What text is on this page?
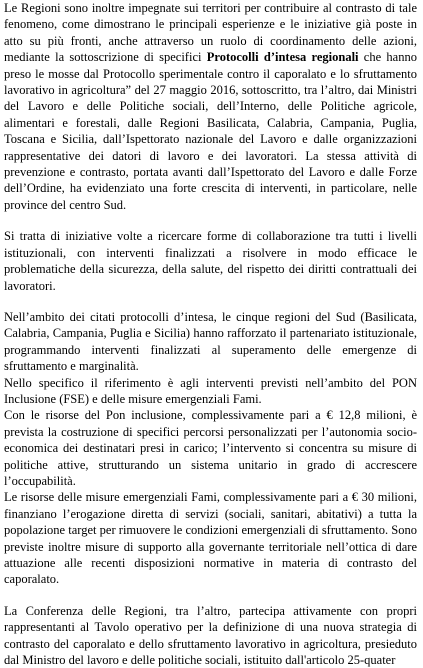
Le Regioni sono inoltre impegnate sui territori per contribuire al contrasto di tale fenomeno, come dimostrano le principali esperienze e le iniziative già poste in atto su più fronti, anche attraverso un ruolo di coordinamento delle azioni, mediante la sottoscrizione di specifici Protocolli d’intesa regionali che hanno preso le mosse dal Protocollo sperimentale contro il caporalato e lo sfruttamento lavorativo in agricoltura” del 27 maggio 2016, sottoscritto, tra l’altro, dai Ministri del Lavoro e delle Politiche sociali, dell’Interno, delle Politiche agricole, alimentari e forestali, dalle Regioni Basilicata, Calabria, Campania, Puglia, Toscana e Sicilia, dall’Ispettorato nazionale del Lavoro e dalle organizzazioni rappresentative dei datori di lavoro e dei lavoratori. La stessa attività di prevenzione e contrasto, portata avanti dall’Ispettorato del Lavoro e dalle Forze dell’Ordine, ha evidenziato una forte crescita di interventi, in particolare, nelle province del centro Sud.

Si tratta di iniziative volte a ricercare forme di collaborazione tra tutti i livelli istituzionali, con interventi finalizzati a risolvere in modo efficace le problematiche della sicurezza, della salute, del rispetto dei diritti contrattuali dei lavoratori.

Nell’ambito dei citati protocolli d’intesa, le cinque regioni del Sud (Basilicata, Calabria, Campania, Puglia e Sicilia) hanno rafforzato il partenariato istituzionale, programmando interventi finalizzati al superamento delle emergenze di sfruttamento e marginalità.

Nello specifico il riferimento è agli interventi previsti nell’ambito del PON Inclusione (FSE) e delle misure emergenziali Fami.

Con le risorse del Pon inclusione, complessivamente pari a € 12,8 milioni, è prevista la costruzione di specifici percorsi personalizzati per l’autonomia socio-economica dei destinatari presi in carico; l’intervento si concentra su misure di politiche attive, strutturando un sistema unitario in grado di accrescere l’occupabilità.

Le risorse delle misure emergenziali Fami, complessivamente pari a € 30 milioni, finanziano l’erogazione diretta di servizi (sociali, sanitari, abitativi) a tutta la popolazione target per rimuovere le condizioni emergenziali di sfruttamento. Sono previste inoltre misure di supporto alla governante territoriale nell’ottica di dare attuazione alle recenti disposizioni normative in materia di contrasto del caporalato.

La Conferenza delle Regioni, tra l’altro, partecipa attivamente con propri rappresentanti al Tavolo operativo per la definizione di una nuova strategia di contrasto del caporalato e dello sfruttamento lavorativo in agricoltura, presieduto dal Ministro del lavoro e delle politiche sociali, istituito dall'articolo 25-quater
